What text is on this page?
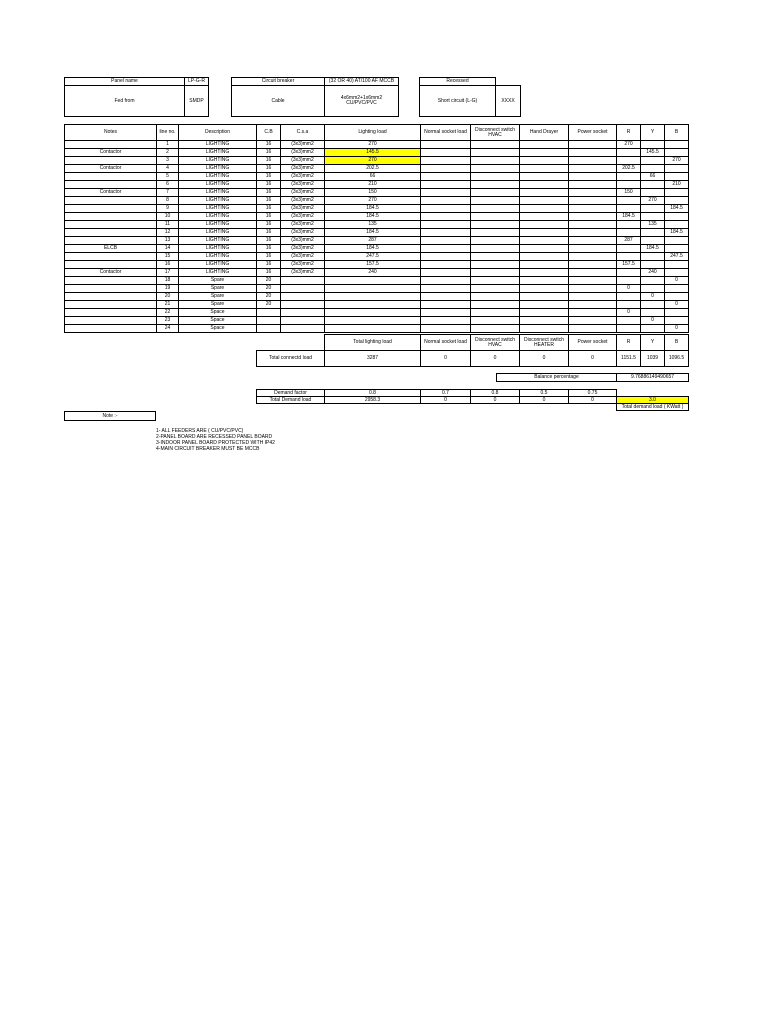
Panel name	LP-G-R
Fed from	SMDP
Circuit breaker	(32 OR 40) AT/100 AF MCCB
Cable	4x6mm2+1x6mm2 CU/PVC/PVC
Recessed	
Short circuit (L-G)	XXXX
Notes	line no.	Description	C.B	C.s.a	Lighting load	Normal socket load	Disconnect switch HVAC	Hand Drayer	Power socket	R	Y	B
	1	LIGHTING	16	(3x3)mm2	270					270		
Contactor	2	LIGHTING	16	(3x3)mm2	145.5						145.5	
	3	LIGHTING	16	(3x3)mm2	270							270
Contactor	4	LIGHTING	16	(3x3)mm2	202.5					202.5		
	5	LIGHTING	16	(3x3)mm2	66						66	
	6	LIGHTING	16	(3x3)mm2	210							210
Contactor	7	LIGHTING	16	(3x3)mm2	150					150		
	8	LIGHTING	16	(3x3)mm2	270						270	
	9	LIGHTING	16	(3x3)mm2	184.5							184.5
	10	LIGHTING	16	(3x3)mm2	184.5					184.5		
	11	LIGHTING	16	(3x3)mm2	135						135	
	12	LIGHTING	16	(3x3)mm2	184.5							184.5
	13	LIGHTING	16	(3x3)mm2	287					287		
ELCB	14	LIGHTING	16	(3x3)mm2	184.5						184.5	
	15	LIGHTING	16	(3x3)mm2	247.5							247.5
	16	LIGHTING	16	(3x3)mm2	157.5					157.5		
Contactor	17	LIGHTING	16	(3x3)mm2	240						240	
	18	Spare	20									0
	19	Spare	20							0		
	20	Spare	20								0	
	21	Spare	20									0
	22	Space								0		
	23	Space									0	
	24	Space										0
	Total lighting load	Normal socket load	Disconnect switch HVAC	Disconnect switch HEATER	Power socket	R	Y	B
Total connectd load	3287	0	0	0	0	1151.5	1039	1096.5
Balance percentage	9.76886149490657
Demand factor	0.8	0.7	0.8	0.5	0.75	
Total Demand load	2958.3	0	0	0	0	3.0
						Total demand load ( KWatt )
Note :-
1- ALL FEEDERS ARE ( CU/PVC/PVC)
2-PANEL BOARD ARE RECESSED PANEL BOARD
3-INDOOR PANEL BOARD PROTECTED WITH IP42
4-MAIN CIRCUIT BREAKER MUST BE MCCB
